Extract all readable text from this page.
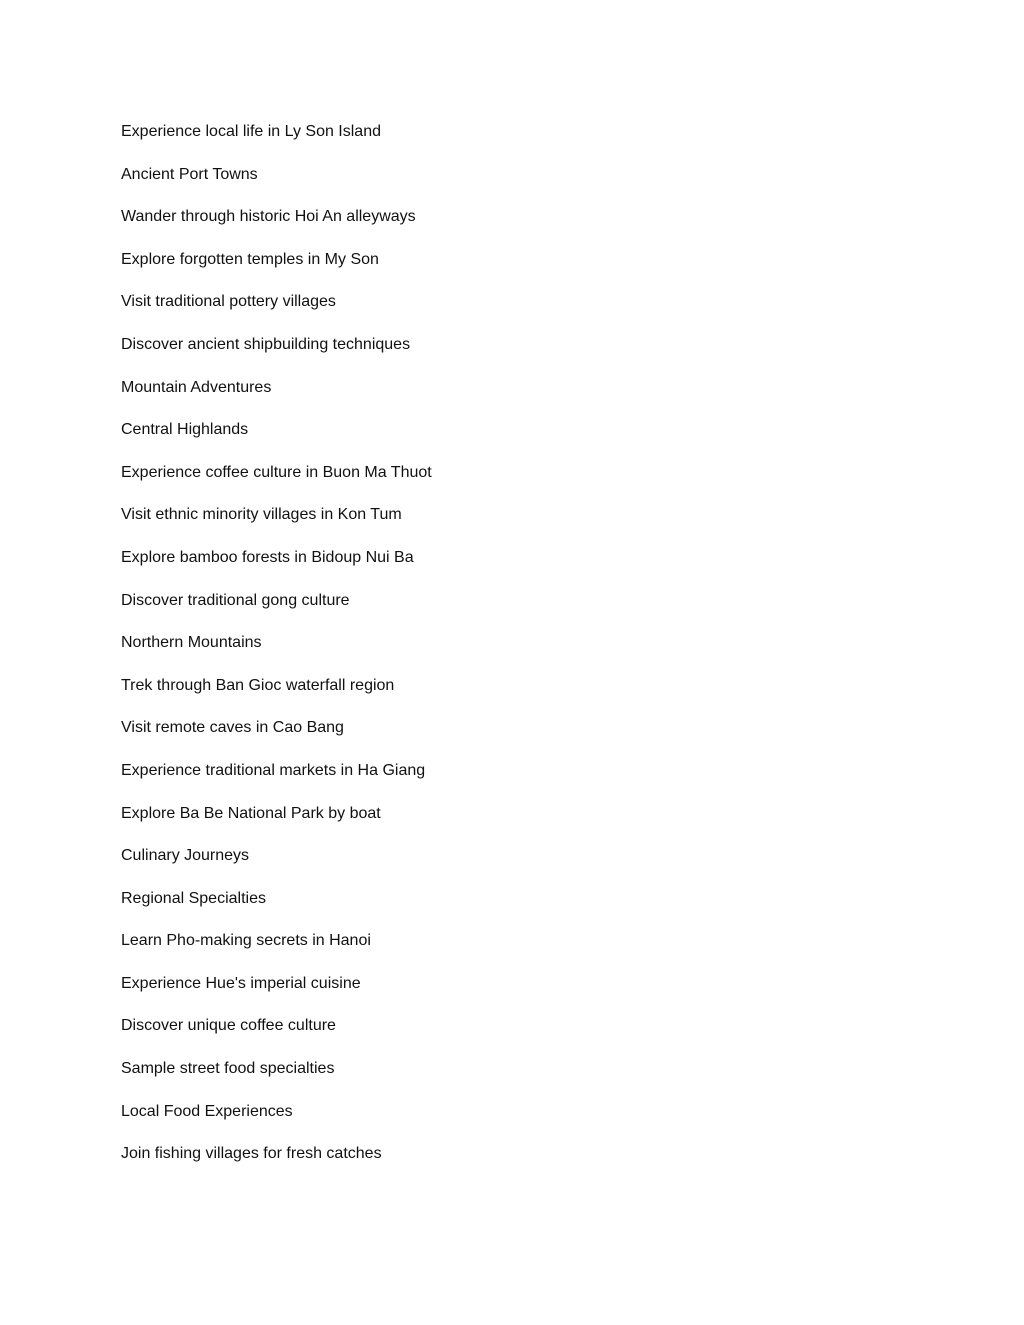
Experience local life in Ly Son Island
Ancient Port Towns
Wander through historic Hoi An alleyways
Explore forgotten temples in My Son
Visit traditional pottery villages
Discover ancient shipbuilding techniques
Mountain Adventures
Central Highlands
Experience coffee culture in Buon Ma Thuot
Visit ethnic minority villages in Kon Tum
Explore bamboo forests in Bidoup Nui Ba
Discover traditional gong culture
Northern Mountains
Trek through Ban Gioc waterfall region
Visit remote caves in Cao Bang
Experience traditional markets in Ha Giang
Explore Ba Be National Park by boat
Culinary Journeys
Regional Specialties
Learn Pho-making secrets in Hanoi
Experience Hue's imperial cuisine
Discover unique coffee culture
Sample street food specialties
Local Food Experiences
Join fishing villages for fresh catches
